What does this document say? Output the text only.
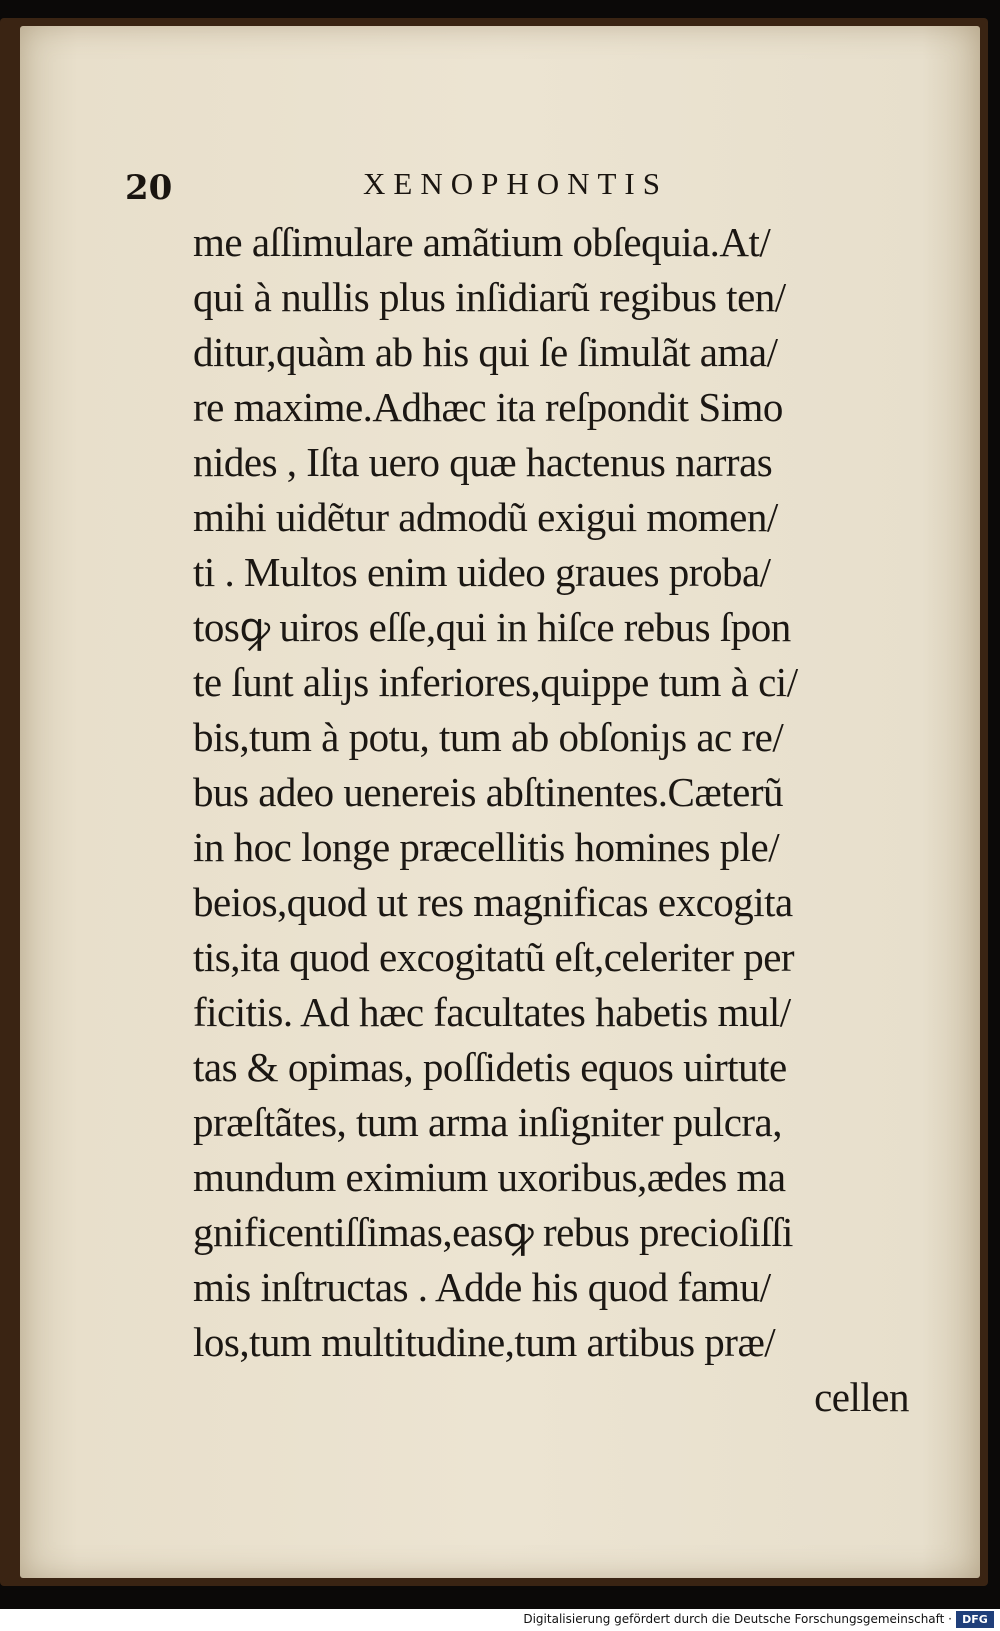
20	XENOPHONTIS
me aſſimulare amãtium obſequia.At/
qui à nullis plus inſidiarũ regibus ten/
ditur,quàm ab his qui ſe ſimulãt ama/
re maxime.Adhæc ita reſpondit Simo
nides , Iſta uero quæ hactenus narras
mihi uidẽtur admodũ exigui momen/
ti . Multos enim uideo graues proba/
tosꝙ uiros eſſe,qui in hiſce rebus ſpon
te ſunt aliȷs inferiores,quippe tum à ci/
bis,tum à potu, tum ab obſoniȷs ac re/
bus adeo uenereis abſtinentes.Cæterũ
in hoc longe præcellitis homines ple/
beios,quod ut res magnificas excogita
tis,ita quod excogitatũ eſt,celeriter per
ficitis. Ad hæc facultates habetis mul/
tas & opimas, poſſidetis equos uirtute
præſtãtes, tum arma inſigniter pulcra,
mundum eximium uxoribus,ædes ma
gnificentiſſimas,easꝙ rebus precioſiſſi
mis inſtructas . Adde his quod famu/
los,tum multitudine,tum artibus præ/
cellen
Digitalisierung gefördert durch die Deutsche Forschungsgemeinschaft · DFG
